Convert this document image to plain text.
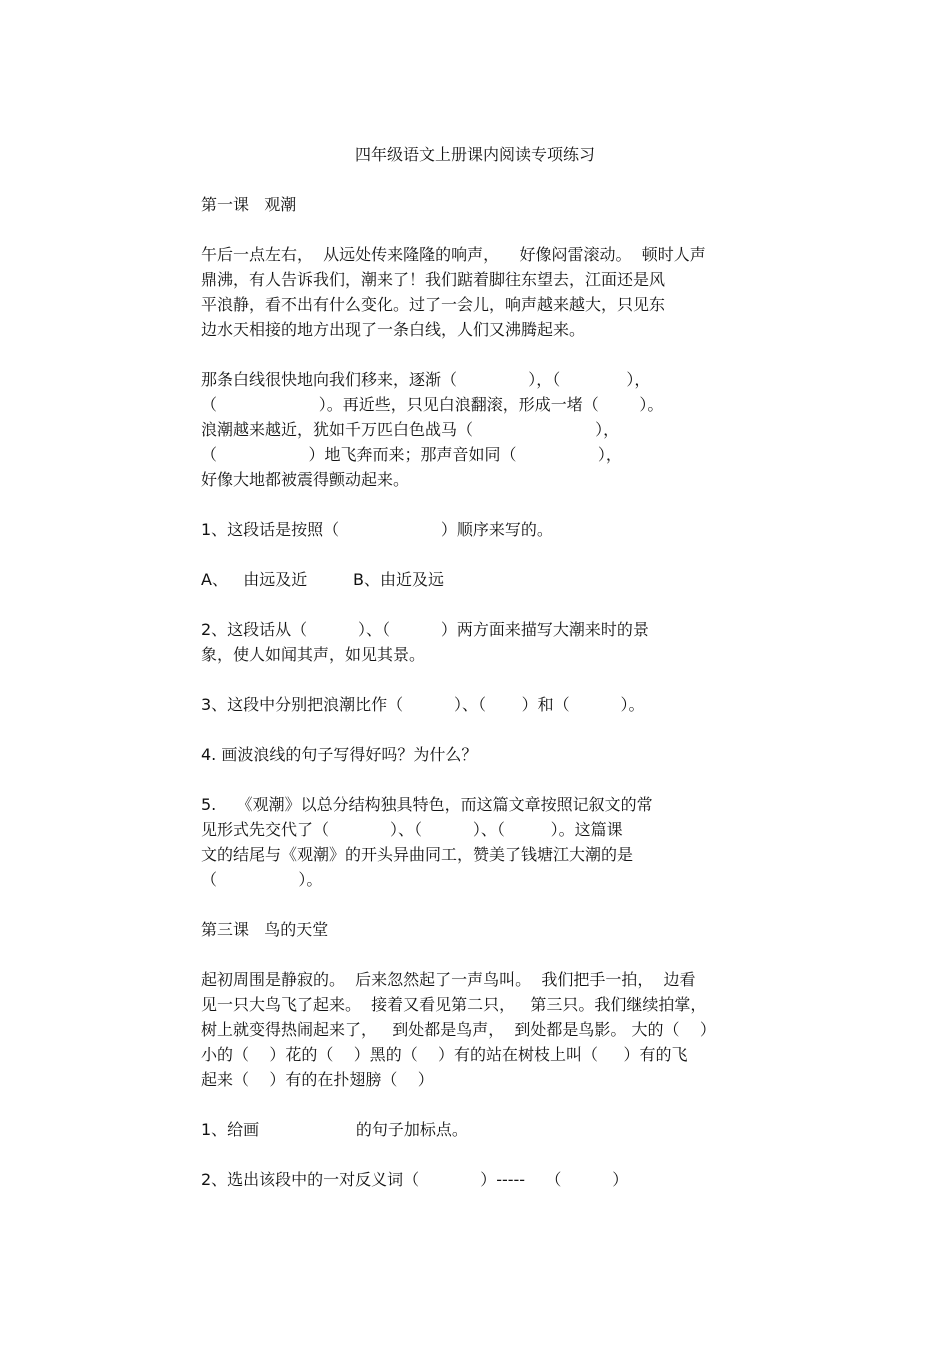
四年级语文上册课内阅读专项练习
第一课   观潮
午后一点左右，  从远处传来隆隆的响声，    好像闷雷滚动。  顿时人声
鼎沸，有人告诉我们，潮来了！我们踮着脚往东望去，江面还是风
平浪静，看不出有什么变化。过了一会儿，响声越来越大，只见东
边水天相接的地方出现了一条白线，人们又沸腾起来。
那条白线很快地向我们移来，逐渐（              ），（             ），
（                    ）。再近些，只见白浪翻滚，形成一堵（        ）。
浪潮越来越近，犹如千万匹白色战马（                        ），
（                  ）地飞奔而来；那声音如同（                ），
好像大地都被震得颤动起来。
1、这段话是按照（                    ）顺序来写的。
A、   由远及近         B、由近及远
2、这段话从（          ）、（          ）两方面来描写大潮来时的景
象，使人如闻其声，如见其景。
3、这段中分别把浪潮比作（          ）、（       ）和（          ）。
4. 画波浪线的句子写得好吗？为什么？
5.    《观潮》以总分结构独具特色，而这篇文章按照记叙文的常
见形式先交代了（            ）、（          ）、（         ）。这篇课
文的结尾与《观潮》的开头异曲同工，赞美了钱塘江大潮的是
（                ）。
第三课   鸟的天堂
起初周围是静寂的。  后来忽然起了一声鸟叫。  我们把手一拍，  边看
见一只大鸟飞了起来。  接着又看见第二只，   第三只。我们继续拍掌，
树上就变得热闹起来了，   到处都是鸟声，  到处都是鸟影。 大的（    ）
小的（    ）花的（    ）黑的（    ）有的站在树枝上叫（     ）有的飞
起来（    ）有的在扑翅膀（    ）
1、给画                   的句子加标点。
2、选出该段中的一对反义词（            ）-----    （          ）
